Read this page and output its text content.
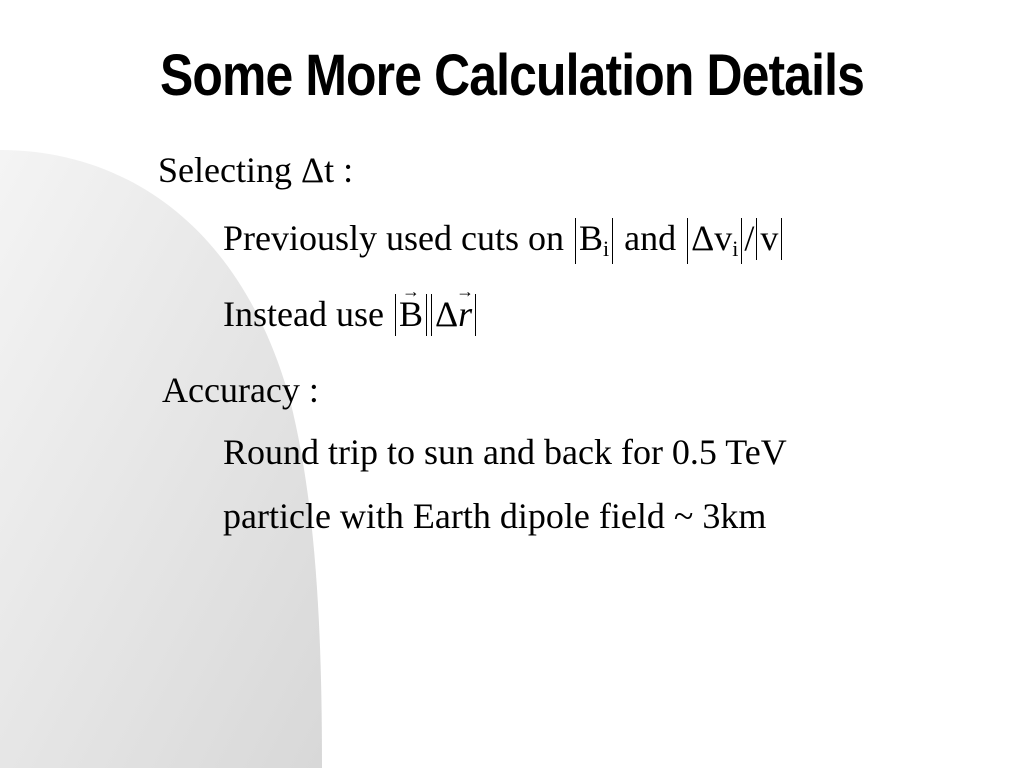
Some More Calculation Details
Selecting Δt :
Previously used cuts on $B_i$ and $\Delta v_i$ / v
Instead use → B Δ→ r
Accuracy :
Round trip to sun and back for 0.5 TeV
particle with Earth dipole field ~ 3km
